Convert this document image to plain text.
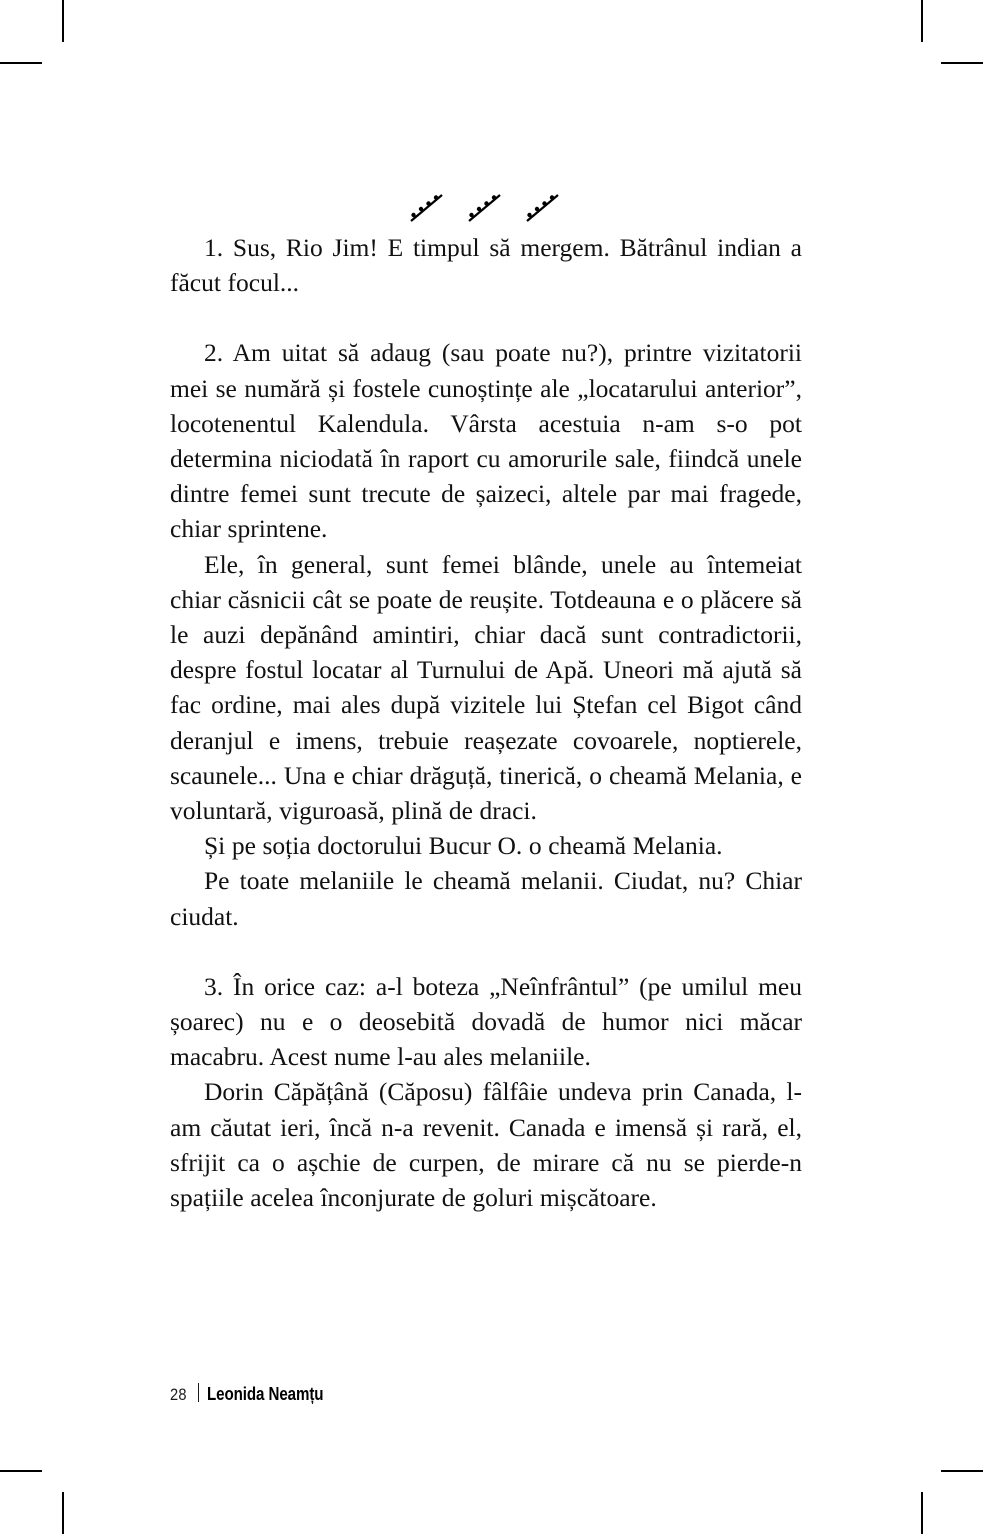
1. Sus, Rio Jim! E timpul să mergem. Bătrânul indian a făcut focul...

2. Am uitat să adaug (sau poate nu?), printre vizitatorii mei se numără și fostele cunoștințe ale „locatarului anterior”, locotenentul Kalendula. Vârsta acestuia n-am s-o pot determina niciodată în raport cu amorurile sale, fiindcă unele dintre femei sunt trecute de șaizeci, altele par mai fragede, chiar sprintene.

Ele, în general, sunt femei blânde, unele au întemeiat chiar căsnicii cât se poate de reușite. Totdeauna e o plăcere să le auzi depănând amintiri, chiar dacă sunt contradictorii, despre fostul locatar al Turnului de Apă. Uneori mă ajută să fac ordine, mai ales după vizitele lui Ștefan cel Bigot când deranjul e imens, trebuie reașezate covoarele, noptierele, scaunele... Una e chiar drăguță, tinerică, o cheamă Melania, e voluntară, viguroasă, plină de draci.

Și pe soția doctorului Bucur O. o cheamă Melania.

Pe toate melaniile le cheamă melanii. Ciudat, nu? Chiar ciudat.

3. În orice caz: a-l boteza „Neînfrântul” (pe umilul meu șoarec) nu e o deosebită dovadă de humor nici măcar macabru. Acest nume l-au ales melaniile.

Dorin Căpățână (Căposu) fâlfâie undeva prin Canada, l-am căutat ieri, încă n-a revenit. Canada e imensă și rară, el, sfrijit ca o așchie de curpen, de mirare că nu se pierde-n spațiile acelea înconjurate de goluri mișcătoare.

28 Leonida Neamțu
